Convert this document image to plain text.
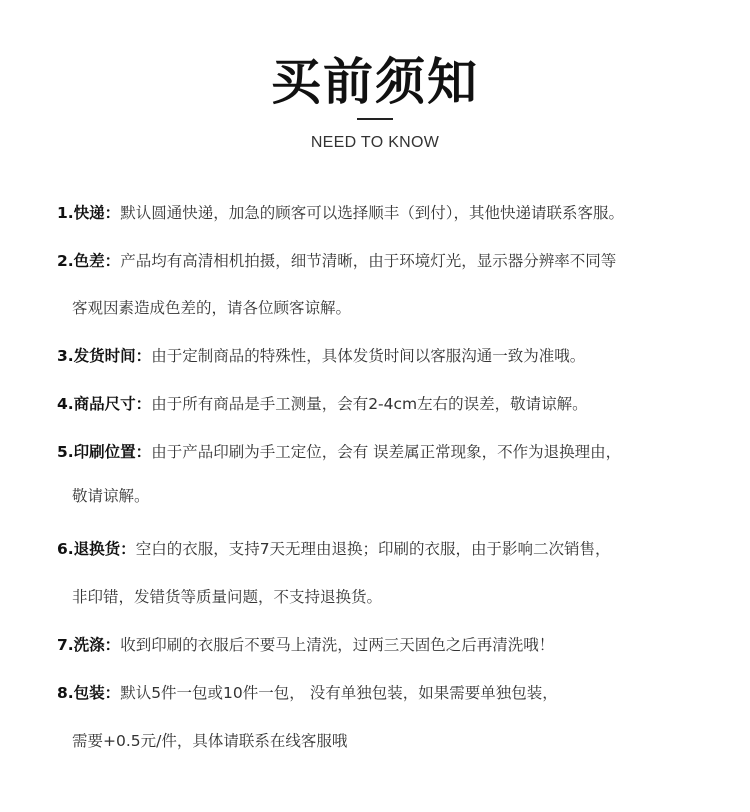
买前须知
NEED TO KNOW
1.快递：默认圆通快递，加急的顾客可以选择顺丰（到付），其他快递请联系客服。
2.色差：产品均有高清相机拍摄，细节清晰，由于环境灯光，显示器分辨率不同等
客观因素造成色差的，请各位顾客谅解。
3.发货时间：由于定制商品的特殊性，具体发货时间以客服沟通一致为准哦。
4.商品尺寸：由于所有商品是手工测量，会有2-4cm左右的误差，敬请谅解。
5.印刷位置：由于产品印刷为手工定位，会有 误差属正常现象，不作为退换理由，
敬请谅解。
6.退换货：空白的衣服，支持7天无理由退换；印刷的衣服，由于影响二次销售，
非印错，发错货等质量问题，不支持退换货。
7.洗涤：收到印刷的衣服后不要马上清洗，过两三天固色之后再清洗哦！
8.包装：默认5件一包或10件一包， 没有单独包装，如果需要单独包装，
需要+0.5元/件，具体请联系在线客服哦
